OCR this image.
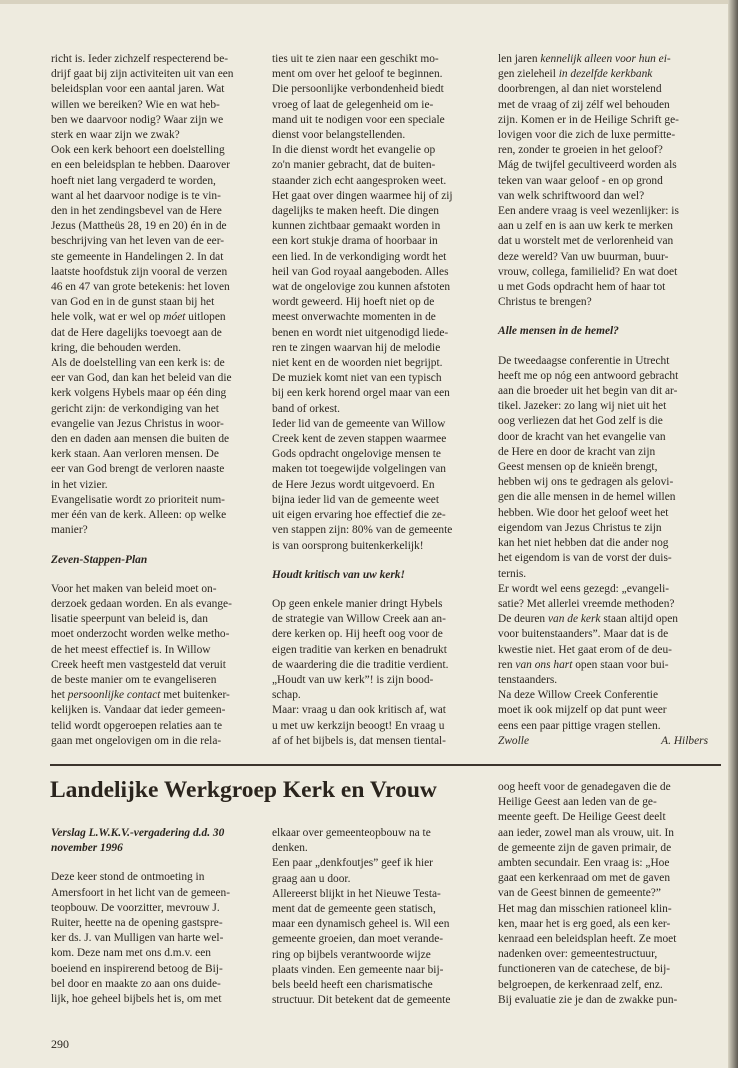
richt is. Ieder zichzelf respecterend be-

drijf gaat bij zijn activiteiten uit van een

beleidsplan voor een aantal jaren. Wat

willen we bereiken? Wie en wat heb-

ben we daarvoor nodig? Waar zijn we

sterk en waar zijn we zwak?

Ook een kerk behoort een doelstelling

en een beleidsplan te hebben. Daarover

hoeft niet lang vergaderd te worden,

want al het daarvoor nodige is te vin-

den in het zendingsbevel van de Here

Jezus (Mattheüs 28, 19 en 20) én in de

beschrijving van het leven van de eer-

ste gemeente in Handelingen 2. In dat

laatste hoofdstuk zijn vooral de verzen

46 en 47 van grote betekenis: het loven

van God en in de gunst staan bij het

hele volk, wat er wel op móet uitlopen

dat de Here dagelijks toevoegt aan de

kring, die behouden werden.

Als de doelstelling van een kerk is: de

eer van God, dan kan het beleid van die

kerk volgens Hybels maar op één ding

gericht zijn: de verkondiging van het

evangelie van Jezus Christus in woor-

den en daden aan mensen die buiten de

kerk staan. Aan verloren mensen. De

eer van God brengt de verloren naaste

in het vizier.

Evangelisatie wordt zo prioriteit num-

mer één van de kerk. Alleen: op welke

manier?

Zeven-Stappen-Plan

Voor het maken van beleid moet on-

derzoek gedaan worden. En als evange-

lisatie speerpunt van beleid is, dan

moet onderzocht worden welke metho-

de het meest effectief is. In Willow

Creek heeft men vastgesteld dat veruit

de beste manier om te evangeliseren

het persoonlijke contact met buitenker-

kelijken is. Vandaar dat ieder gemeen-

telid wordt opgeroepen relaties aan te

gaan met ongelovigen om in die rela-

ties uit te zien naar een geschikt mo-

ment om over het geloof te beginnen.

Die persoonlijke verbondenheid biedt

vroeg of laat de gelegenheid om ie-

mand uit te nodigen voor een speciale

dienst voor belangstellenden.

In die dienst wordt het evangelie op

zo'n manier gebracht, dat de buiten-

staander zich echt aangesproken weet.

Het gaat over dingen waarmee hij of zij

dagelijks te maken heeft. Die dingen

kunnen zichtbaar gemaakt worden in

een kort stukje drama of hoorbaar in

een lied. In de verkondiging wordt het

heil van God royaal aangeboden. Alles

wat de ongelovige zou kunnen afstoten

wordt geweerd. Hij hoeft niet op de

meest onverwachte momenten in de

benen en wordt niet uitgenodigd liede-

ren te zingen waarvan hij de melodie

niet kent en de woorden niet begrijpt.

De muziek komt niet van een typisch

bij een kerk horend orgel maar van een

band of orkest.

Ieder lid van de gemeente van Willow

Creek kent de zeven stappen waarmee

Gods opdracht ongelovige mensen te

maken tot toegewijde volgelingen van

de Here Jezus wordt uitgevoerd. En

bijna ieder lid van de gemeente weet

uit eigen ervaring hoe effectief die ze-

ven stappen zijn: 80% van de gemeente

is van oorsprong buitenkerkelijk!

Houdt kritisch van uw kerk!

Op geen enkele manier dringt Hybels

de strategie van Willow Creek aan an-

dere kerken op. Hij heeft oog voor de

eigen traditie van kerken en benadrukt

de waardering die die traditie verdient.

„Houdt van uw kerk”! is zijn bood-

schap.

Maar: vraag u dan ook kritisch af, wat

u met uw kerkzijn beoogt! En vraag u

af of het bijbels is, dat mensen tiental-

len jaren kennelijk alleen voor hun ei-

gen zieleheil in dezelfde kerkbank

doorbrengen, al dan niet worstelend

met de vraag of zij zélf wel behouden

zijn. Komen er in de Heilige Schrift ge-

lovigen voor die zich de luxe permitte-

ren, zonder te groeien in het geloof?

Mág de twijfel gecultiveerd worden als

teken van waar geloof - en op grond

van welk schriftwoord dan wel?

Een andere vraag is veel wezenlijker: is

aan u zelf en is aan uw kerk te merken

dat u worstelt met de verlorenheid van

deze wereld? Van uw buurman, buur-

vrouw, collega, familielid? En wat doet

u met Gods opdracht hem of haar tot

Christus te brengen?

Alle mensen in de hemel?

De tweedaagse conferentie in Utrecht

heeft me op nóg een antwoord gebracht

aan die broeder uit het begin van dit ar-

tikel. Jazeker: zo lang wij niet uit het

oog verliezen dat het God zelf is die

door de kracht van het evangelie van

de Here en door de kracht van zijn

Geest mensen op de knieën brengt,

hebben wij ons te gedragen als gelovi-

gen die alle mensen in de hemel willen

hebben. Wie door het geloof weet het

eigendom van Jezus Christus te zijn

kan het niet hebben dat die ander nog

het eigendom is van de vorst der duis-

ternis.

Er wordt wel eens gezegd: „evangeli-

satie? Met allerlei vreemde methoden?

De deuren van de kerk staan altijd open

voor buitenstaanders”. Maar dat is de

kwestie niet. Het gaat erom of de deu-

ren van ons hart open staan voor bui-

tenstaanders.

Na deze Willow Creek Conferentie

moet ik ook mijzelf op dat punt weer

eens een paar pittige vragen stellen.

Zwolle	A. Hilbers
Landelijke Werkgroep Kerk en Vrouw
Verslag L.W.K.V.-vergadering d.d. 30
november 1996

Deze keer stond de ontmoeting in

Amersfoort in het licht van de gemeen-

teopbouw. De voorzitter, mevrouw J.

Ruiter, heette na de opening gastspre-

ker ds. J. van Mulligen van harte wel-

kom. Deze nam met ons d.m.v. een

boeiend en inspirerend betoog de Bij-

bel door en maakte zo aan ons duide-

lijk, hoe geheel bijbels het is, om met

elkaar over gemeenteopbouw na te

denken.

Een paar „denkfoutjes” geef ik hier

graag aan u door.

Allereerst blijkt in het Nieuwe Testa-

ment dat de gemeente geen statisch,

maar een dynamisch geheel is. Wil een

gemeente groeien, dan moet verande-

ring op bijbels verantwoorde wijze

plaats vinden. Een gemeente naar bij-

bels beeld heeft een charismatische

structuur. Dit betekent dat de gemeente

oog heeft voor de genadegaven die de

Heilige Geest aan leden van de ge-

meente geeft. De Heilige Geest deelt

aan ieder, zowel man als vrouw, uit. In

de gemeente zijn de gaven primair, de

ambten secundair. Een vraag is: „Hoe

gaat een kerkenraad om met de gaven

van de Geest binnen de gemeente?”

Het mag dan misschien rationeel klin-

ken, maar het is erg goed, als een ker-

kenraad een beleidsplan heeft. Ze moet

nadenken over: gemeentestructuur,

functioneren van de catechese, de bij-

belgroepen, de kerkenraad zelf, enz.

Bij evaluatie zie je dan de zwakke pun-

290
